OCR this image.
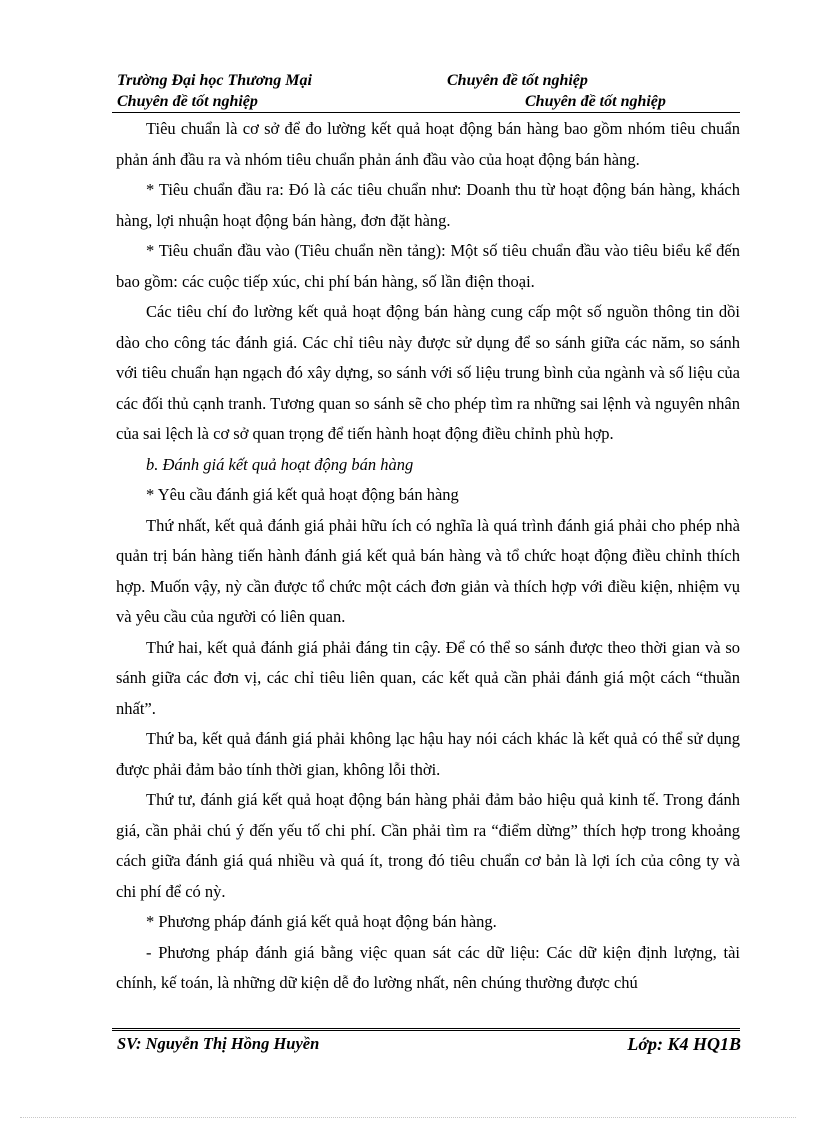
Trường Đại học Thương Mại	Chuyên đề tốt nghiệp
Chuyên đề tốt nghiệp	Chuyên đề tốt nghiệp

Tiêu chuẩn là cơ sở để đo lường kết quả hoạt động bán hàng bao gồm nhóm tiêu chuẩn phản ánh đầu ra và nhóm tiêu chuẩn phản ánh đầu vào của hoạt động bán hàng.

* Tiêu chuẩn đầu ra: Đó là các tiêu chuẩn như: Doanh thu từ hoạt động bán hàng, khách hàng, lợi nhuận hoạt động bán hàng, đơn đặt hàng.

* Tiêu chuẩn đầu vào (Tiêu chuẩn nền tảng): Một số tiêu chuẩn đầu vào tiêu biểu kể đến bao gồm: các cuộc tiếp xúc, chi phí bán hàng, số lần điện thoại.

Các tiêu chí đo lường kết quả hoạt động bán hàng cung cấp một số nguồn thông tin dồi dào cho công tác đánh giá. Các chỉ tiêu này được sử dụng để so sánh giữa các năm, so sánh với tiêu chuẩn hạn ngạch đó xây dựng, so sánh với số liệu trung bình của ngành và số liệu của các đối thủ cạnh tranh. Tương quan so sánh sẽ cho phép tìm ra những sai lệnh và nguyên nhân của sai lệch là cơ sở quan trọng để tiến hành hoạt động điều chỉnh phù hợp.

b. Đánh giá kết quả hoạt động bán hàng

* Yêu cầu đánh giá kết quả hoạt động bán hàng

Thứ nhất, kết quả đánh giá phải hữu ích có nghĩa là quá trình đánh giá phải cho phép nhà quản trị bán hàng tiến hành đánh giá kết quả bán hàng và tổ chức hoạt động điều chỉnh thích hợp. Muốn vậy, nỳ cần được tổ chức một cách đơn giản và thích hợp với điều kiện, nhiệm vụ và yêu cầu của người có liên quan.

Thứ hai, kết quả đánh giá phải đáng tin cậy. Để có thể so sánh được theo thời gian và so sánh giữa các đơn vị, các chỉ tiêu liên quan, các kết quả cần phải đánh giá một cách “thuần nhất”.

Thứ ba, kết quả đánh giá phải không lạc hậu hay nói cách khác là kết quả có thể sử dụng được phải đảm bảo tính thời gian, không lỗi thời.

Thứ tư, đánh giá kết quả hoạt động bán hàng phải đảm bảo hiệu quả kinh tế. Trong đánh giá, cần phải chú ý đến yếu tố chi phí. Cần phải tìm ra “điểm dừng” thích hợp trong khoảng cách giữa đánh giá quá nhiều và quá ít, trong đó tiêu chuẩn cơ bản là lợi ích của công ty và chi phí để có nỳ.

* Phương pháp đánh giá kết quả hoạt động bán hàng.

- Phương pháp đánh giá bằng việc quan sát các dữ liệu: Các dữ kiện định lượng, tài chính, kế toán, là những dữ kiện dễ đo lường nhất, nên chúng thường được chú

SV: Nguyễn Thị Hồng Huyền	Lớp: K4 HQ1B
